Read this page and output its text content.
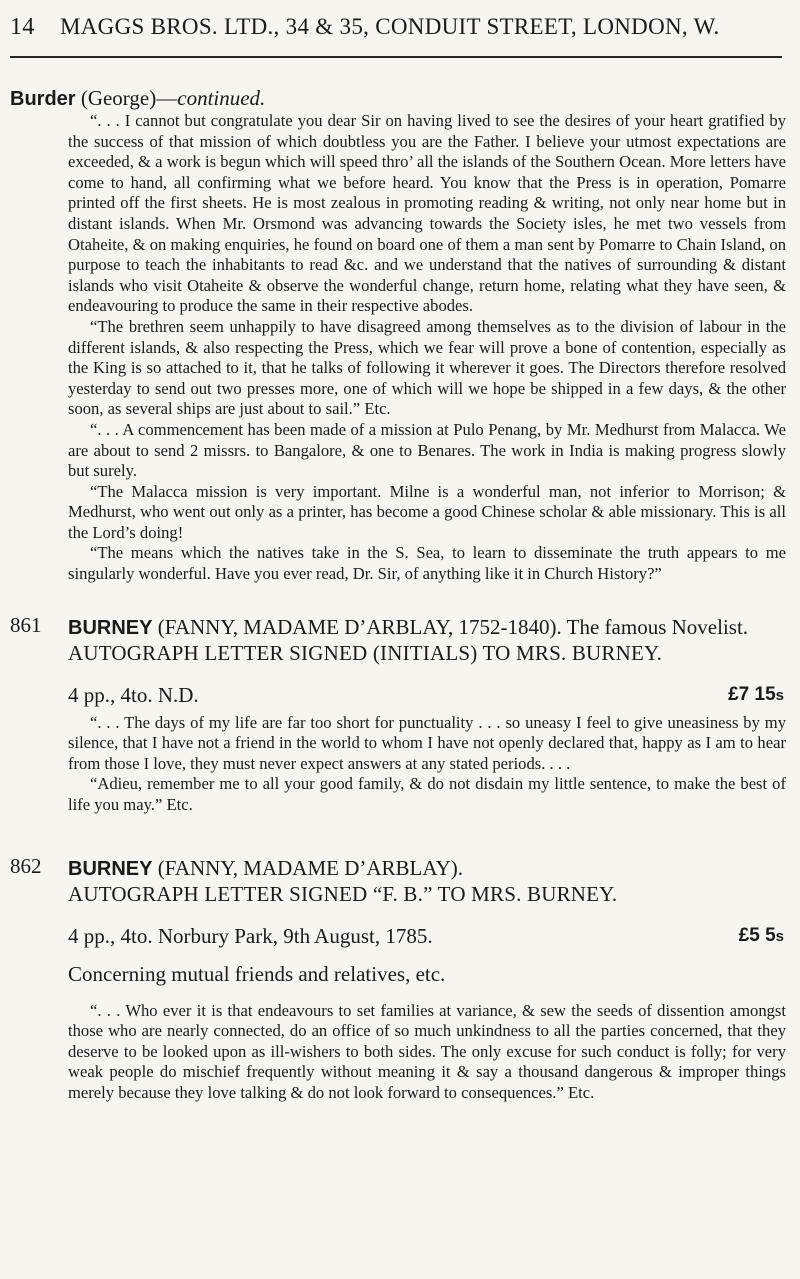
14 MAGGS BROS. LTD., 34 & 35, CONDUIT STREET, LONDON, W.
Burder (George)—continued.

“. . . I cannot but congratulate you dear Sir on having lived to see the desires of your heart gratified by the success of that mission of which doubtless you are the Father. I believe your utmost expectations are exceeded, & a work is begun which will speed thro’ all the islands of the Southern Ocean. More letters have come to hand, all confirming what we before heard. You know that the Press is in operation, Pomarre printed off the first sheets. He is most zealous in promoting reading & writing, not only near home but in distant islands. When Mr. Orsmond was advancing towards the Society isles, he met two vessels from Otaheite, & on making enquiries, he found on board one of them a man sent by Pomarre to Chain Island, on purpose to teach the inhabitants to read &c. and we understand that the natives of surrounding & distant islands who visit Otaheite & observe the wonderful change, return home, relating what they have seen, & endeavouring to produce the same in their respective abodes.

“The brethren seem unhappily to have disagreed among themselves as to the division of labour in the different islands, & also respecting the Press, which we fear will prove a bone of contention, especially as the King is so attached to it, that he talks of following it wherever it goes. The Directors therefore resolved yesterday to send out two presses more, one of which will we hope be shipped in a few days, & the other soon, as several ships are just about to sail.” Etc.

“. . . A commencement has been made of a mission at Pulo Penang, by Mr. Medhurst from Malacca. We are about to send 2 missrs. to Bangalore, & one to Benares. The work in India is making progress slowly but surely.

“The Malacca mission is very important. Milne is a wonderful man, not inferior to Morrison; & Medhurst, who went out only as a printer, has become a good Chinese scholar & able missionary. This is all the Lord’s doing!

“The means which the natives take in the S. Sea, to learn to disseminate the truth appears to me singularly wonderful. Have you ever read, Dr. Sir, of anything like it in Church History?”

861 BURNEY (FANNY, MADAME D’ARBLAY, 1752-1840). The famous Novelist.
AUTOGRAPH LETTER SIGNED (INITIALS) TO MRS. BURNEY.
4 pp., 4to. N.D.	£7 15s

“. . . The days of my life are far too short for punctuality . . . so uneasy I feel to give uneasiness by my silence, that I have not a friend in the world to whom I have not openly declared that, happy as I am to hear from those I love, they must never expect answers at any stated periods. . . .

“Adieu, remember me to all your good family, & do not disdain my little sentence, to make the best of life you may.” Etc.

862 BURNEY (FANNY, MADAME D’ARBLAY).
AUTOGRAPH LETTER SIGNED “F. B.” TO MRS. BURNEY.
4 pp., 4to. Norbury Park, 9th August, 1785.	£5 5s
Concerning mutual friends and relatives, etc.

“. . . Who ever it is that endeavours to set families at variance, & sew the seeds of dissention amongst those who are nearly connected, do an office of so much unkindness to all the parties concerned, that they deserve to be looked upon as ill-wishers to both sides. The only excuse for such conduct is folly; for very weak people do mischief frequently without meaning it & say a thousand dangerous & improper things merely because they love talking & do not look forward to consequences.” Etc.
